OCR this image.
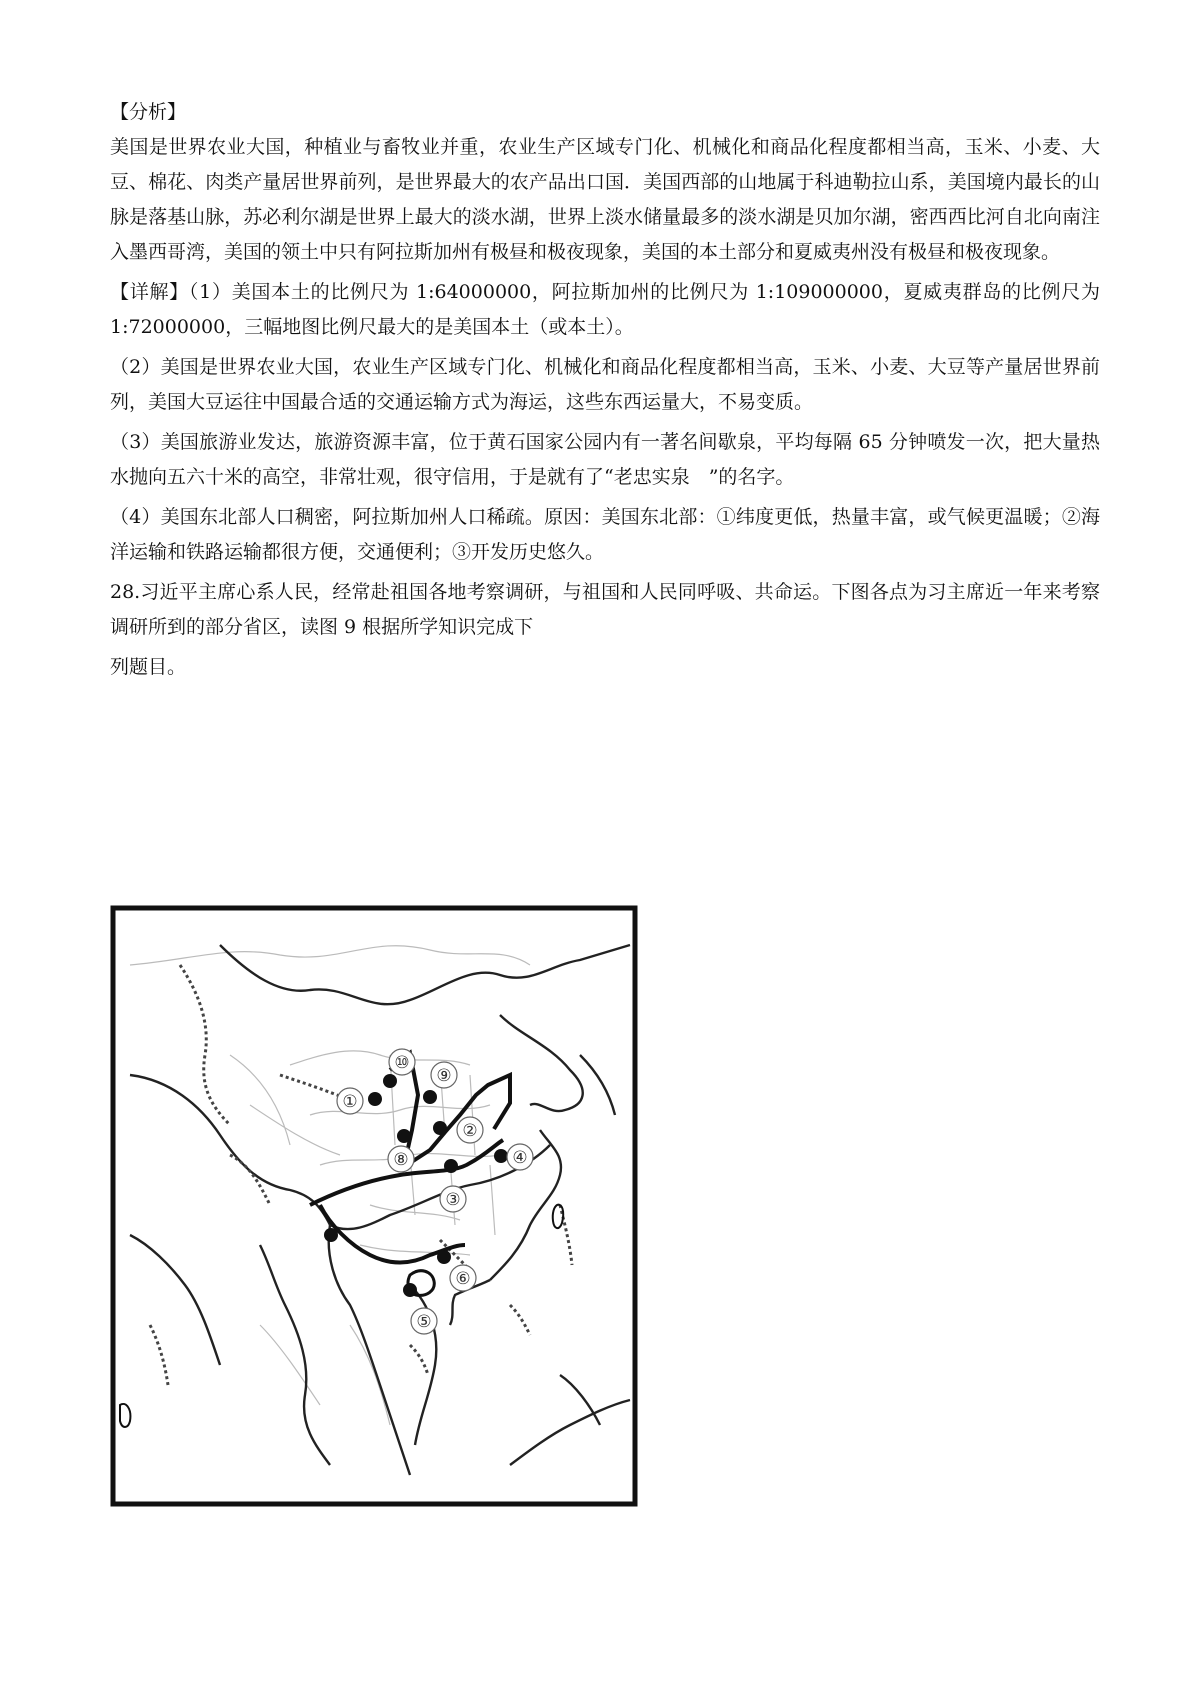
【分析】

美国是世界农业大国，种植业与畜牧业并重，农业生产区域专门化、机械化和商品化程度都相当高，玉米、小麦、大豆、棉花、肉类产量居世界前列，是世界最大的农产品出口国．美国西部的山地属于科迪勒拉山系，美国境内最长的山脉是落基山脉，苏必利尔湖是世界上最大的淡水湖，世界上淡水储量最多的淡水湖是贝加尔湖，密西西比河自北向南注入墨西哥湾，美国的领土中只有阿拉斯加州有极昼和极夜现象，美国的本土部分和夏威夷州没有极昼和极夜现象。

【详解】（1）美国本土的比例尺为 1:64000000，阿拉斯加州的比例尺为 1:109000000，夏威夷群岛的比例尺为 1:72000000，三幅地图比例尺最大的是美国本土（或本土）。

（2）美国是世界农业大国，农业生产区域专门化、机械化和商品化程度都相当高，玉米、小麦、大豆等产量居世界前列，美国大豆运往中国最合适的交通运输方式为海运，这些东西运量大，不易变质。

（3）美国旅游业发达，旅游资源丰富，位于黄石国家公园内有一著名间歇泉，平均每隔 65 分钟喷发一次，把大量热水抛向五六十米的高空，非常壮观，很守信用，于是就有了“老忠实泉　”的名字。

（4）美国东北部人口稠密，阿拉斯加州人口稀疏。原因：美国东北部：①纬度更低，热量丰富，或气候更温暖；②海洋运输和铁路运输都很方便，交通便利；③开发历史悠久。

28.习近平主席心系人民，经常赴祖国各地考察调研，与祖国和人民同呼吸、共命运。下图各点为习主席近一年来考察调研所到的部分省区，读图 9 根据所学知识完成下

列题目。

①
②
③
④
⑤
⑥
⑧
⑨
⑩
